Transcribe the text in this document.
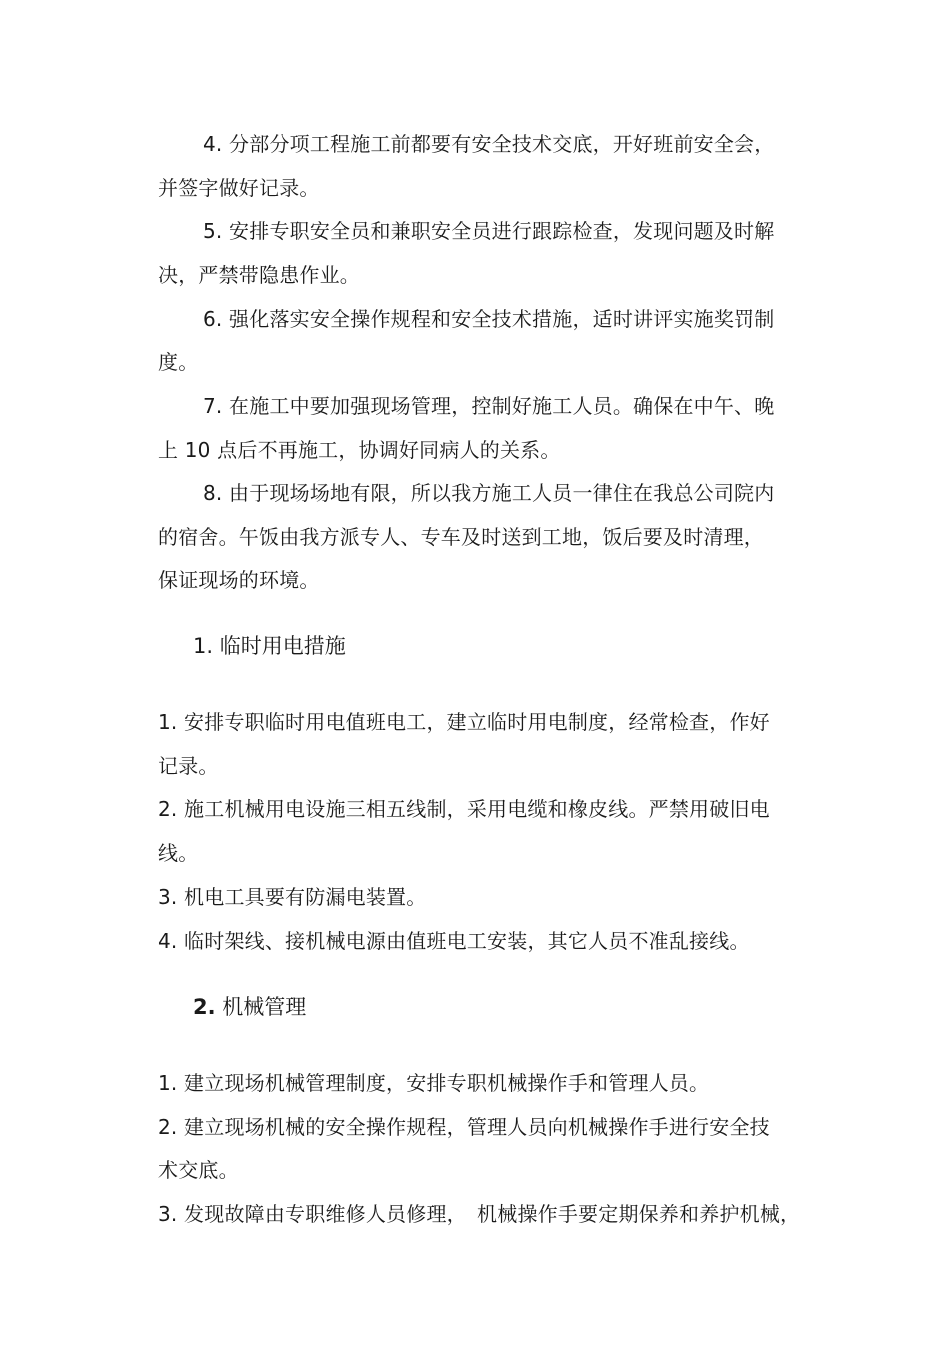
4. 分部分项工程施工前都要有安全技术交底，开好班前安全会，
并签字做好记录。
5. 安排专职安全员和兼职安全员进行跟踪检查，发现问题及时解
决，严禁带隐患作业。
6. 强化落实安全操作规程和安全技术措施，适时讲评实施奖罚制
度。
7. 在施工中要加强现场管理，控制好施工人员。确保在中午、晚
上 10 点后不再施工，协调好同病人的关系。
8. 由于现场场地有限，所以我方施工人员一律住在我总公司院内
的宿舍。午饭由我方派专人、专车及时送到工地，饭后要及时清理，
保证现场的环境。
1. 临时用电措施
1. 安排专职临时用电值班电工，建立临时用电制度，经常检查，作好
记录。
2. 施工机械用电设施三相五线制，采用电缆和橡皮线。严禁用破旧电
线。
3. 机电工具要有防漏电装置。
4. 临时架线、接机械电源由值班电工安装，其它人员不准乱接线。
2. 机械管理
1. 建立现场机械管理制度，安排专职机械操作手和管理人员。
2. 建立现场机械的安全操作规程，管理人员向机械操作手进行安全技
术交底。
3. 发现故障由专职维修人员修理，　机械操作手要定期保养和养护机械，
